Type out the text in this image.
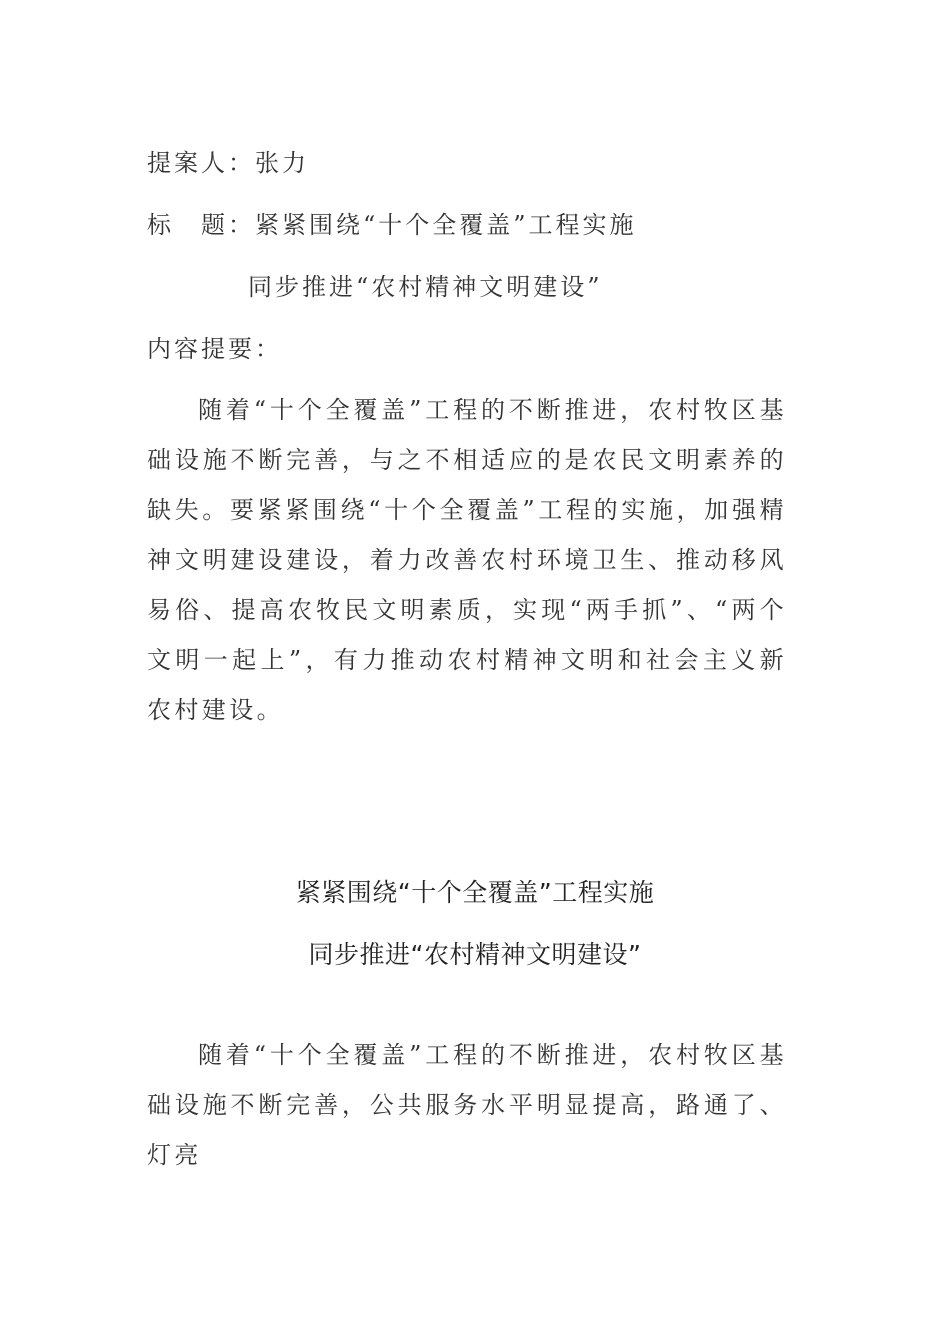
提案人：张力
标　题：紧紧围绕“十个全覆盖”工程实施
同步推进“农村精神文明建设”
内容提要：

随着“十个全覆盖”工程的不断推进，农村牧区基础设施不断完善，与之不相适应的是农民文明素养的缺失。要紧紧围绕“十个全覆盖”工程的实施，加强精神文明建设建设，着力改善农村环境卫生、推动移风易俗、提高农牧民文明素质，实现“两手抓”、“两个文明一起上”，有力推动农村精神文明和社会主义新农村建设。

紧紧围绕“十个全覆盖”工程实施
同步推进“农村精神文明建设”

随着“十个全覆盖”工程的不断推进，农村牧区基础设施不断完善，公共服务水平明显提高，路通了、灯亮
